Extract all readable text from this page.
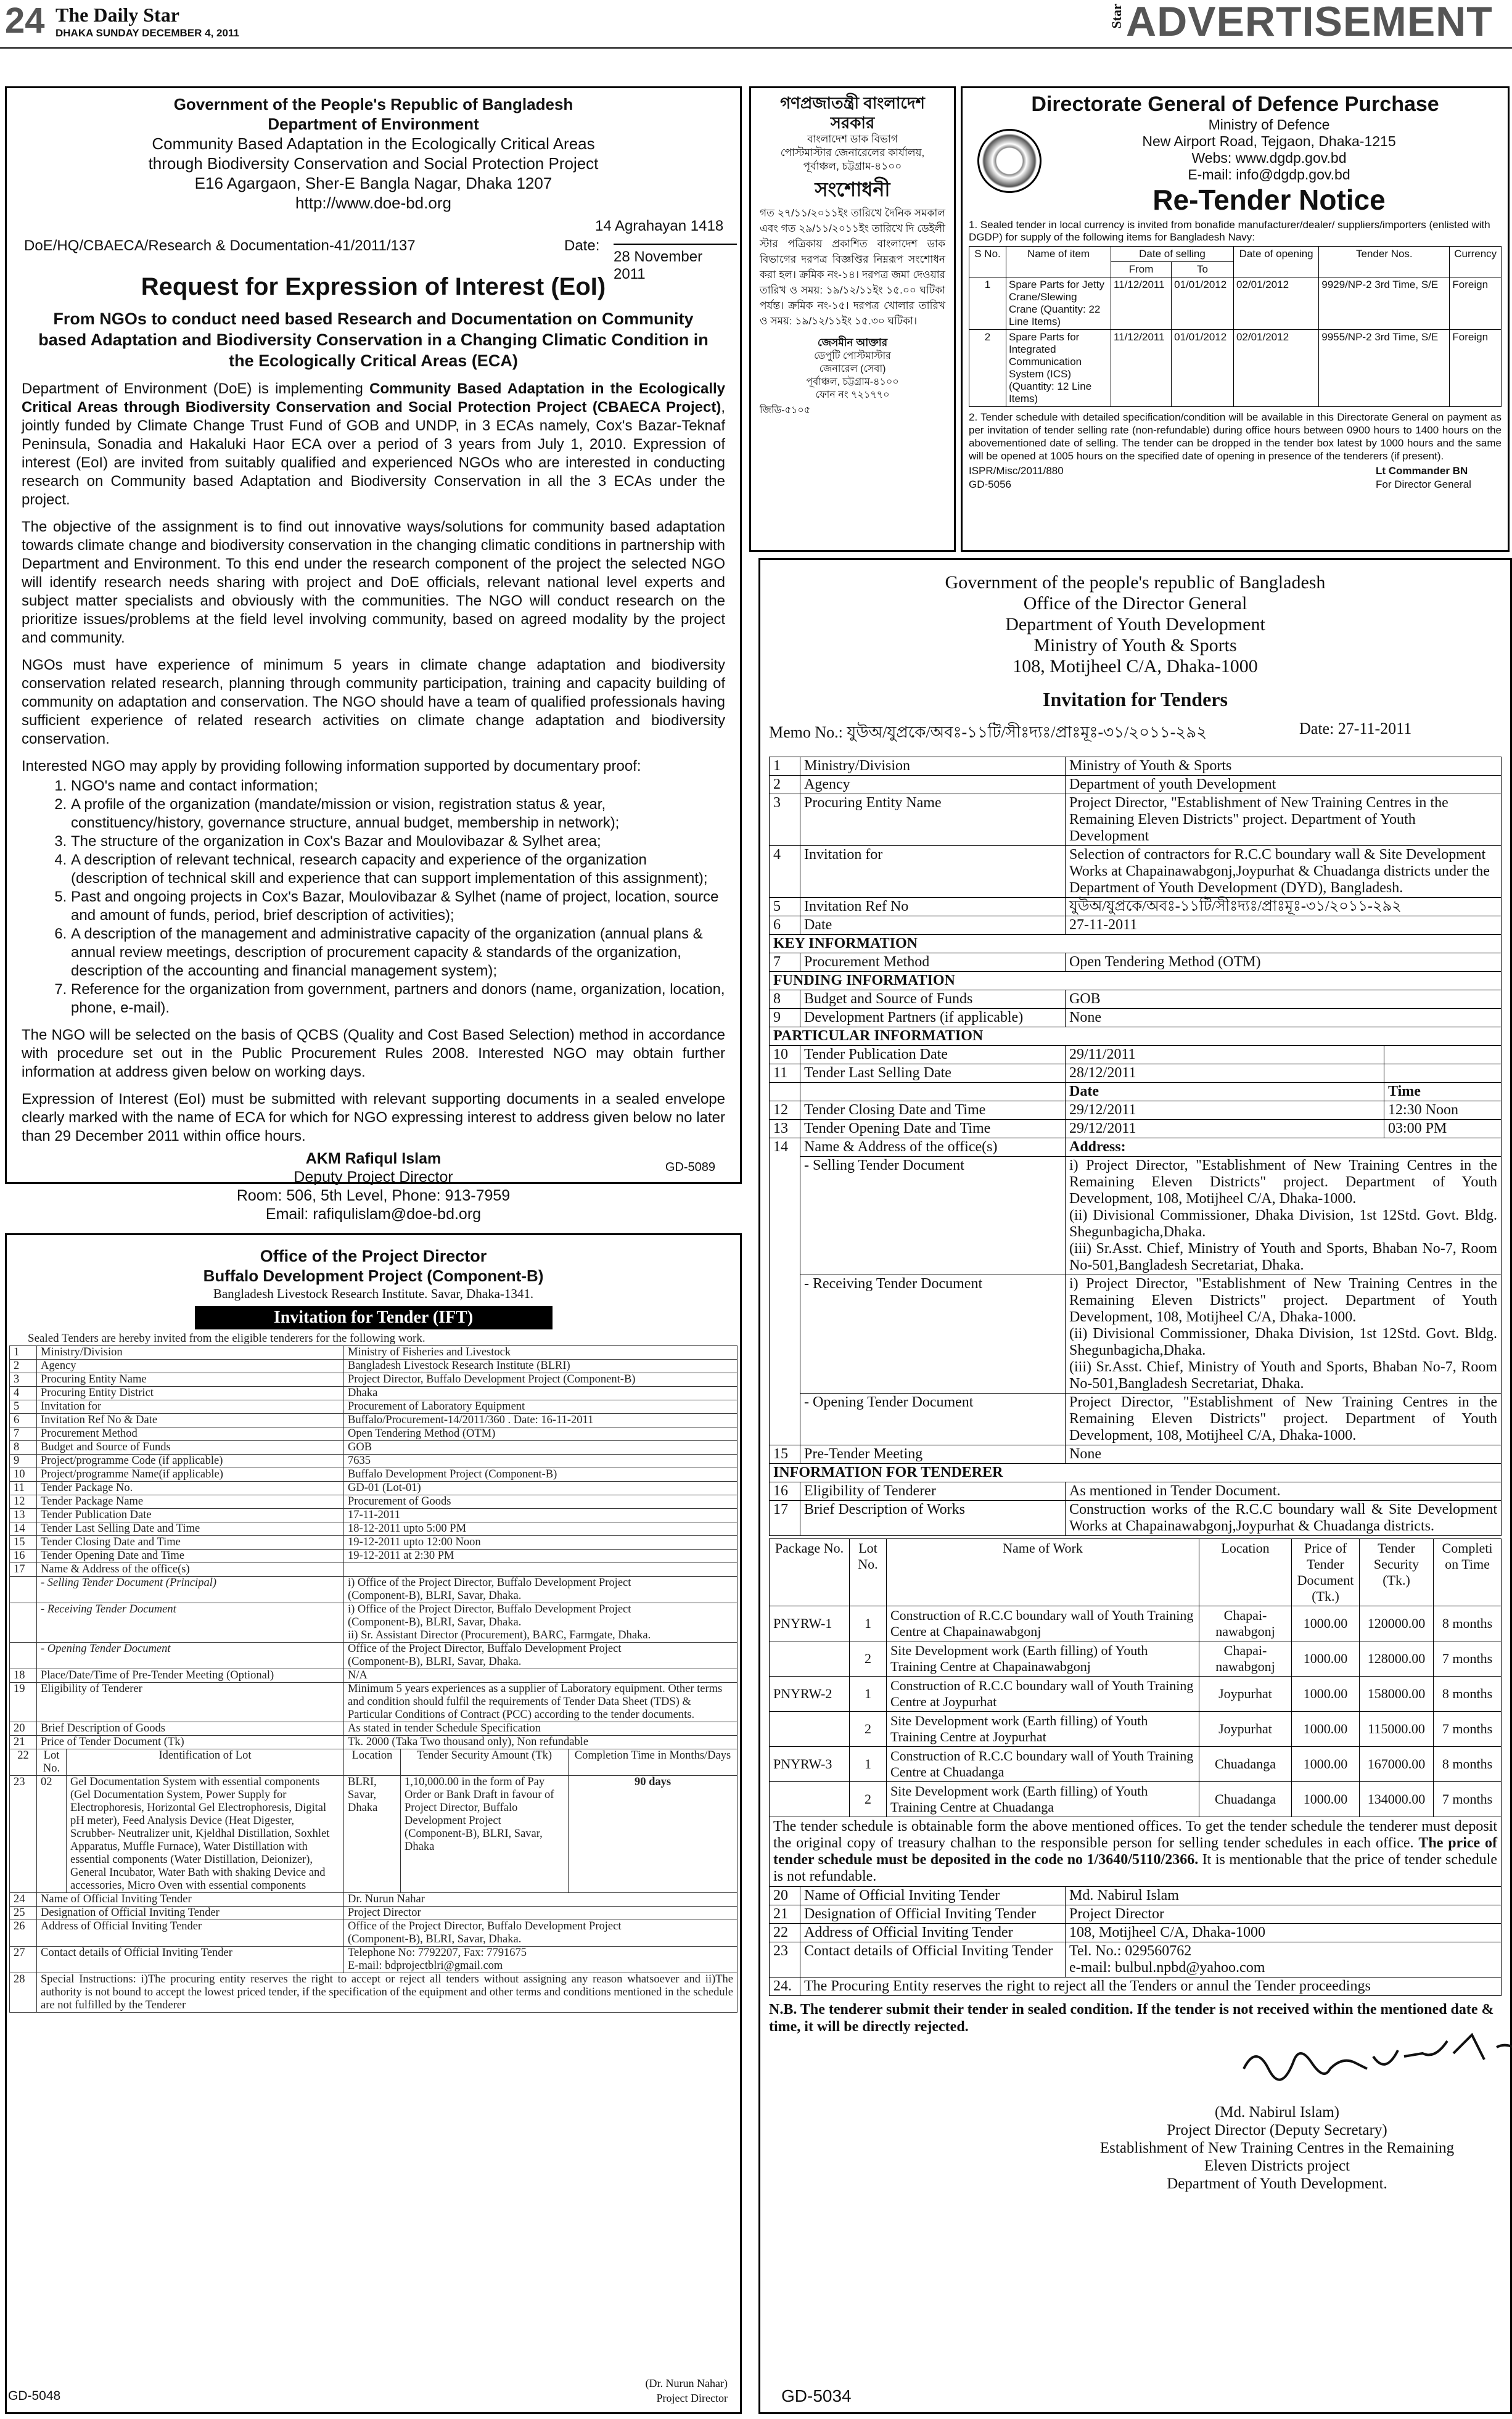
24 The Daily Star
DHAKA SUNDAY DECEMBER 4, 2011
Star ADVERTISEMENT
Government of the People's Republic of Bangladesh
Department of Environment
Community Based Adaptation in the Ecologically Critical Areas
through Biodiversity Conservation and Social Protection Project
E16 Agargaon, Sher-E Bangla Nagar, Dhaka 1207
http://www.doe-bd.org
14 Agrahayan 1418
DoE/HQ/CBAECA/Research & Documentation-41/2011/137	Date:
28 November 2011
Request for Expression of Interest (EoI)
From NGOs to conduct need based Research and Documentation on Community based Adaptation and Biodiversity Conservation in a Changing Climatic Condition in the Ecologically Critical Areas (ECA)

Department of Environment (DoE) is implementing Community Based Adaptation in the Ecologically Critical Areas through Biodiversity Conservation and Social Protection Project (CBAECA Project), jointly funded by Climate Change Trust Fund of GOB and UNDP, in 3 ECAs namely, Cox's Bazar-Teknaf Peninsula, Sonadia and Hakaluki Haor ECA over a period of 3 years from July 1, 2010. Expression of interest (EoI) are invited from suitably qualified and experienced NGOs who are interested in conducting research on Community based Adaptation and Biodiversity Conservation in all the 3 ECAs under the project.

The objective of the assignment is to find out innovative ways/solutions for community based adaptation towards climate change and biodiversity conservation in the changing climatic conditions in partnership with Department and Environment. To this end under the research component of the project the selected NGO will identify research needs sharing with project and DoE officials, relevant national level experts and subject matter specialists and obviously with the communities. The NGO will conduct research on the prioritize issues/problems at the field level involving community, based on agreed modality by the project and community.

NGOs must have experience of minimum 5 years in climate change adaptation and biodiversity conservation related research, planning through community participation, training and capacity building of community on adaptation and conservation. The NGO should have a team of qualified professionals having sufficient experience of related research activities on climate change adaptation and biodiversity conservation.

Interested NGO may apply by providing following information supported by documentary proof:

1. NGO's name and contact information;
2. A profile of the organization (mandate/mission or vision, registration status & year, constituency/history, governance structure, annual budget, membership in network);
3. The structure of the organization in Cox's Bazar and Moulovibazar & Sylhet area;
4. A description of relevant technical, research capacity and experience of the organization (description of technical skill and experience that can support implementation of this assignment);
5. Past and ongoing projects in Cox's Bazar, Moulovibazar & Sylhet (name of project, location, source and amount of funds, period, brief description of activities);
6. A description of the management and administrative capacity of the organization (annual plans & annual review meetings, description of procurement capacity & standards of the organization, description of the accounting and financial management system);
7. Reference for the organization from government, partners and donors (name, organization, location, phone, e-mail).

The NGO will be selected on the basis of QCBS (Quality and Cost Based Selection) method in accordance with procedure set out in the Public Procurement Rules 2008. Interested NGO may obtain further information at address given below on working days.

Expression of Interest (EoI) must be submitted with relevant supporting documents in a sealed envelope clearly marked with the name of ECA for which for NGO expressing interest to address given below no later than 29 December 2011 within office hours.

AKM Rafiqul Islam
Deputy Project Director
Room: 506, 5th Level, Phone: 913-7959
Email: rafiqulislam@doe-bd.org
GD-5089
গণপ্রজাতন্ত্রী বাংলাদেশ
সরকার
বাংলাদেশ ডাক বিভাগ
পোস্টমাস্টার জেনারেলের কার্যালয়,
পূর্বাঞ্চল, চট্টগ্রাম-৪১০০
সংশোধনী
গত ২৭/১১/২০১১ইং তারিখে দৈনিক সমকাল এবং গত ২৯/১১/২০১১ইং তারিখে দি ডেইলী স্টার পত্রিকায় প্রকাশিত বাংলাদেশ ডাক বিভাগের দরপত্র বিজ্ঞপ্তির নিম্নরূপ সংশোধন করা হল। ক্রমিক নং-১৪। দরপত্র জমা দেওয়ার তারিখ ও সময়: ১৯/১২/১১ইং ১৫.০০ ঘটিকা পর্যন্ত। ক্রমিক নং-১৫। দরপত্র খোলার তারিখ ও সময়: ১৯/১২/১১ইং ১৫.৩০ ঘটিকা।
জেসমীন আক্তার
ডেপুটি পোস্টমাস্টার
জেনারেল (সেবা)
পূর্বাঞ্চল, চট্টগ্রাম-৪১০০
ফোন নং ৭২১৭৭০
জিডি-৫১০৫
Directorate General of Defence Purchase
Ministry of Defence
New Airport Road, Tejgaon, Dhaka-1215
Webs: www.dgdp.gov.bd
E-mail: info@dgdp.gov.bd
Re-Tender Notice
1. Sealed tender in local currency is invited from bonafide manufacturer/dealer/ suppliers/importers (enlisted with DGDP) for supply of the following items for Bangladesh Navy:
S No.	Name of item	Date of selling		Date of opening	Tender Nos.	Currency
		From	To			
1	Spare Parts for Jetty Crane/Slewing Crane (Quantity: 22 Line Items)	11/12/2011	01/01/2012	02/01/2012	9929/NP-2 3rd Time, S/E	Foreign
2	Spare Parts for Integrated Communication System (ICS) (Quantity: 12 Line Items)	11/12/2011	01/01/2012	02/01/2012	9955/NP-2 3rd Time, S/E	Foreign
2. Tender schedule with detailed specification/condition will be available in this Directorate General on payment as per invitation of tender selling rate (non-refundable) during office hours between 0900 hours to 1400 hours on the abovementioned date of selling. The tender can be dropped in the tender box latest by 1000 hours and the same will be opened at 1005 hours on the specified date of opening in presence of the tenderers (if present).
ISPR/Misc/2011/880
GD-5056
Lt Commander BN
For Director General
Government of the people's republic of Bangladesh
Office of the Director General
Department of Youth Development
Ministry of Youth & Sports
108, Motijheel C/A, Dhaka-1000
Invitation for Tenders
Memo No.: যুউঅ/যুপ্রকে/অবঃ-১১টি/সীঃদ্যঃ/প্রাঃমূঃ-৩১/২০১১-২৯২	Date: 27-11-2011
1	Ministry/Division	Ministry of Youth & Sports	
2	Agency	Department of youth Development	
3	Procuring Entity Name	Project Director, "Establishment of New Training Centres in the Remaining Eleven Districts" project. Department of Youth Development	
4	Invitation for	Selection of contractors for R.C.C boundary wall & Site Development Works at Chapainawabgonj,Joypurhat & Chuadanga districts under the Department of Youth Development (DYD), Bangladesh.	
5	Invitation Ref No	যুউঅ/যুপ্রকে/অবঃ-১১টি/সীঃদ্যঃ/প্রাঃমূঃ-৩১/২০১১-২৯২	
6	Date	27-11-2011	
KEY INFORMATION			
7	Procurement Method	Open Tendering Method (OTM)	
FUNDING INFORMATION			
8	Budget and Source of Funds	GOB	
9	Development Partners (if applicable)	None	
PARTICULAR INFORMATION			
10	Tender Publication Date	29/11/2011	
11	Tender Last Selling Date	28/12/2011	
		Date	Time
12	Tender Closing Date and Time	29/12/2011	12:30 Noon
13	Tender Opening Date and Time	29/12/2011	03:00 PM
14	Name & Address of the office(s)	Address:	
	- Selling Tender Document	i) Project Director, "Establishment of New Training Centres in the Remaining Eleven Districts" project. Department of Youth Development, 108, Motijheel C/A, Dhaka-1000.
(ii) Divisional Commissioner, Dhaka Division, 1st 12Std. Govt. Bldg. Shegunbagicha,Dhaka.
(iii) Sr.Asst. Chief, Ministry of Youth and Sports, Bhaban No-7, Room No-501,Bangladesh Secretariat, Dhaka.	
	- Receiving Tender Document	i) Project Director, "Establishment of New Training Centres in the Remaining Eleven Districts" project. Department of Youth Development, 108, Motijheel C/A, Dhaka-1000.
(ii) Divisional Commissioner, Dhaka Division, 1st 12Std. Govt. Bldg. Shegunbagicha,Dhaka.
(iii) Sr.Asst. Chief, Ministry of Youth and Sports, Bhaban No-7, Room No-501,Bangladesh Secretariat, Dhaka.	
	- Opening Tender Document	Project Director, "Establishment of New Training Centres in the Remaining Eleven Districts" project. Department of Youth Development, 108, Motijheel C/A, Dhaka-1000.	
15	Pre-Tender Meeting	None	
INFORMATION FOR TENDERER			
16	Eligibility of Tenderer	As mentioned in Tender Document.	
17	Brief Description of Works	Construction works of the R.C.C boundary wall & Site Development Works at Chapainawabgonj,Joypurhat & Chuadanga districts.	
Package No.	Lot No.	Name of Work	Location	Price of Tender Document (Tk.)	Tender Security (Tk.)	Completi on Time
PNYRW-1	1	Construction of R.C.C boundary wall of Youth Training Centre at Chapainawabgonj	Chapai-nawabgonj	1000.00	120000.00	8 months
	2	Site Development work (Earth filling) of Youth Training Centre at Chapainawabgonj	Chapai-nawabgonj	1000.00	128000.00	7 months
PNYRW-2	1	Construction of R.C.C boundary wall of Youth Training Centre at Joypurhat	Joypurhat	1000.00	158000.00	8 months
	2	Site Development work (Earth filling) of Youth Training Centre at Joypurhat	Joypurhat	1000.00	115000.00	7 months
PNYRW-3	1	Construction of R.C.C boundary wall of Youth Training Centre at Chuadanga	Chuadanga	1000.00	167000.00	8 months
	2	Site Development work (Earth filling) of Youth Training Centre at Chuadanga	Chuadanga	1000.00	134000.00	7 months

The tender schedule is obtainable form the above mentioned offices. To get the tender schedule the tenderer must deposit the original copy of treasury chalhan to the responsible person for selling tender schedules in each office. The price of tender schedule must be deposited in the code no 1/3640/5110/2366. It is mentionable that the price of tender schedule is not refundable.

20	Name of Official Inviting Tender	Md. Nabirul Islam
21	Designation of Official Inviting Tender	Project Director
22	Address of Official Inviting Tender	108, Motijheel C/A, Dhaka-1000
23	Contact details of Official Inviting Tender	Tel. No.: 029560762
e-mail: bulbul.npbd@yahoo.com
24.	The Procuring Entity reserves the right to reject all the Tenders or annul the Tender proceedings	
N.B. The tenderer submit their tender in sealed condition. If the tender is not received within the mentioned date & time, it will be directly rejected.
(Md. Nabirul Islam)
Project Director (Deputy Secretary)
Establishment of New Training Centres in the Remaining
Eleven Districts project
Department of Youth Development.
GD-5034
Office of the Project Director
Buffalo Development Project (Component-B)
Bangladesh Livestock Research Institute. Savar, Dhaka-1341.
Invitation for Tender (IFT)
Sealed Tenders are hereby invited from the eligible tenderers for the following work.
1	Ministry/Division		Ministry of Fisheries and Livestock		
2	Agency		Bangladesh Livestock Research Institute (BLRI)		
3	Procuring Entity Name		Project Director, Buffalo Development Project (Component-B)		
4	Procuring Entity District		Dhaka		
5	Invitation for		Procurement of Laboratory Equipment		
6	Invitation Ref No & Date		Buffalo/Procurement-14/2011/360 . Date: 16-11-2011		
7	Procurement Method		Open Tendering Method (OTM)		
8	Budget and Source of Funds		GOB		
9	Project/programme Code (if applicable)		7635		
10	Project/programme Name(if applicable)		Buffalo Development Project (Component-B)		
11	Tender Package No.		GD-01 (Lot-01)		
12	Tender Package Name		Procurement of Goods		
13	Tender Publication Date		17-11-2011		
14	Tender Last Selling Date and Time		18-12-2011 upto 5:00 PM		
15	Tender Closing Date and Time		19-12-2011 upto 12:00 Noon		
16	Tender Opening Date and Time		19-12-2011 at 2:30 PM		
17	Name & Address of the office(s)				
	- Selling Tender Document (Principal)		i) Office of the Project Director, Buffalo Development Project
(Component-B), BLRI, Savar, Dhaka.		
	- Receiving Tender Document		i) Office of the Project Director, Buffalo Development Project
(Component-B), BLRI, Savar, Dhaka.
ii) Sr. Assistant Director (Procurement), BARC, Farmgate, Dhaka.		
	- Opening Tender Document		Office of the Project Director, Buffalo Development Project
(Component-B), BLRI, Savar, Dhaka.		
18	Place/Date/Time of Pre-Tender Meeting (Optional)		N/A		
19	Eligibility of Tenderer		Minimum 5 years experiences as a supplier of Laboratory equipment. Other terms and condition should fulfil the requirements of Tender Data Sheet (TDS) & Particular Conditions of Contract (PCC) according to the tender documents.		
20	Brief Description of Goods		As stated in tender Schedule Specification		
21	Price of Tender Document (Tk)		Tk. 2000 (Taka Two thousand only), Non refundable		
22	Lot No.	Identification of Lot	Location	Tender Security Amount (Tk)	Completion Time in Months/Days
23	02	Gel Documentation System with essential components (Gel Documentation System, Power Supply for Electrophoresis, Horizontal Gel Electrophoresis, Digital pH meter), Feed Analysis Device (Heat Digester, Scrubber- Neutralizer unit, Kjeldhal Distillation, Soxhlet Apparatus, Muffle Furnace), Water Distillation with essential components (Water Distillation, Deionizer), General Incubator, Water Bath with shaking Device and accessories, Micro Oven with essential components	BLRI, Savar, Dhaka	1,10,000.00 in the form of Pay Order or Bank Draft in favour of Project Director, Buffalo Development Project (Component-B), BLRI, Savar, Dhaka	90 days
24	Name of Official Inviting Tender		Dr. Nurun Nahar		
25	Designation of Official Inviting Tender		Project Director		
26	Address of Official Inviting Tender		Office of the Project Director, Buffalo Development Project
(Component-B), BLRI, Savar, Dhaka.		
27	Contact details of Official Inviting Tender		Telephone No: 7792207, Fax: 7791675
E-mail: bdprojectblri@gmail.com		
28	Special Instructions: i)The procuring entity reserves the right to accept or reject all tenders without assigning any reason whatsoever and ii)The authority is not bound to accept the lowest priced tender, if the specification of the equipment and other terms and conditions mentioned in the schedule are not fulfilled by the Tenderer				
GD-5048
(Dr. Nurun Nahar)
Project Director
